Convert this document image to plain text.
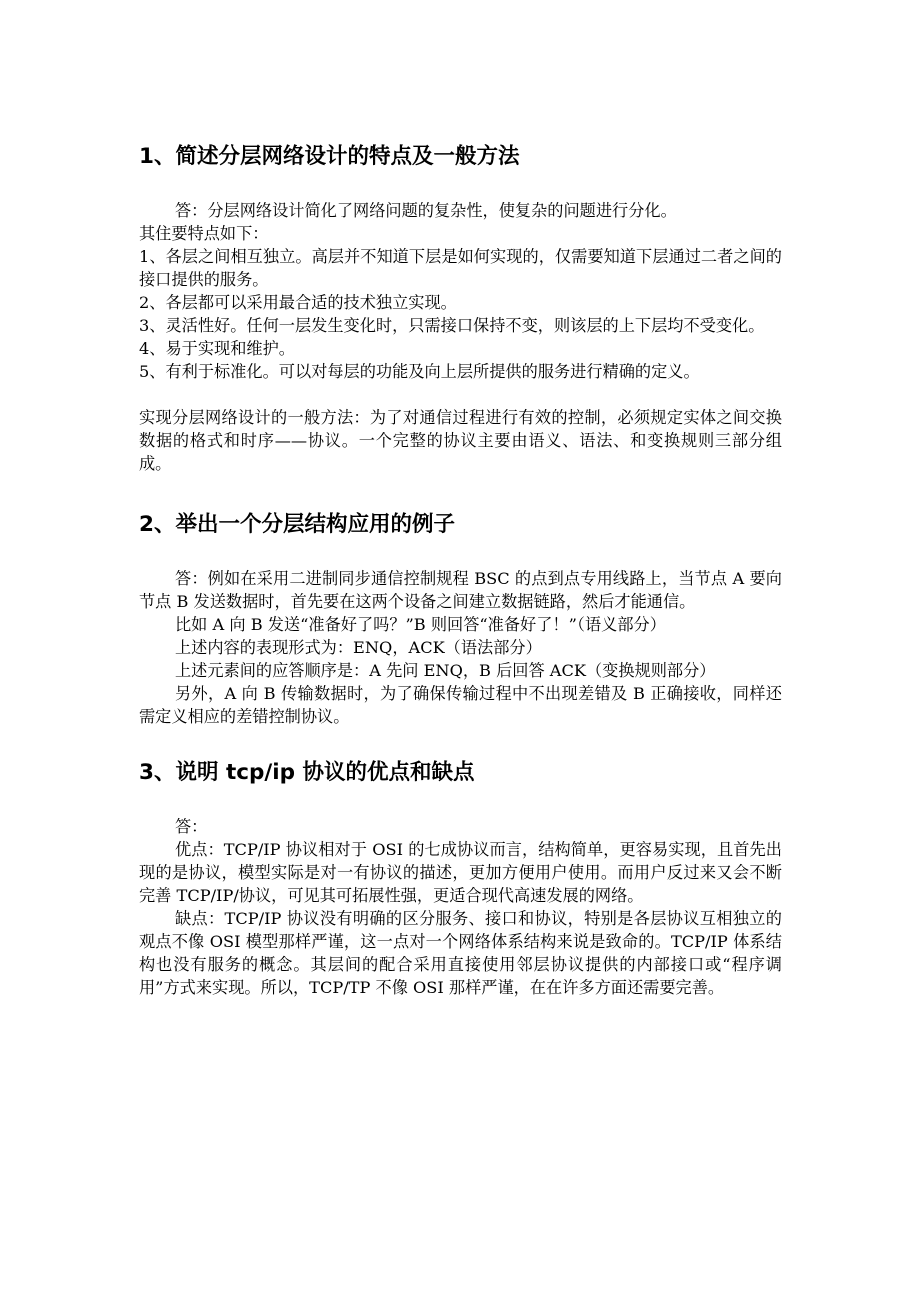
1、简述分层网络设计的特点及一般方法

答：分层网络设计简化了网络问题的复杂性，使复杂的问题进行分化。

其住要特点如下：

1、各层之间相互独立。高层并不知道下层是如何实现的，仅需要知道下层通过二者之间的接口提供的服务。

2、各层都可以采用最合适的技术独立实现。

3、灵活性好。任何一层发生变化时，只需接口保持不变，则该层的上下层均不受变化。

4、易于实现和维护。

5、有利于标准化。可以对每层的功能及向上层所提供的服务进行精确的定义。

实现分层网络设计的一般方法：为了对通信过程进行有效的控制，必须规定实体之间交换数据的格式和时序——协议。一个完整的协议主要由语义、语法、和变换规则三部分组成。

2、举出一个分层结构应用的例子

答：例如在采用二进制同步通信控制规程 BSC 的点到点专用线路上，当节点 A 要向节点 B 发送数据时，首先要在这两个设备之间建立数据链路，然后才能通信。

比如 A 向 B 发送“准备好了吗？”B 则回答“准备好了！”（语义部分）

上述内容的表现形式为：ENQ，ACK（语法部分）

上述元素间的应答顺序是：A 先问 ENQ，B 后回答 ACK（变换规则部分）

另外，A 向 B 传输数据时，为了确保传输过程中不出现差错及 B 正确接收，同样还需定义相应的差错控制协议。

3、说明 tcp/ip 协议的优点和缺点

答：

优点：TCP/IP 协议相对于 OSI 的七成协议而言，结构简单，更容易实现，且首先出现的是协议，模型实际是对一有协议的描述，更加方便用户使用。而用户反过来又会不断完善 TCP/IP/协议，可见其可拓展性强，更适合现代高速发展的网络。

缺点：TCP/IP 协议没有明确的区分服务、接口和协议，特别是各层协议互相独立的观点不像 OSI 模型那样严谨，这一点对一个网络体系结构来说是致命的。TCP/IP 体系结构也没有服务的概念。其层间的配合采用直接使用邻层协议提供的内部接口或“程序调用”方式来实现。所以，TCP/TP 不像 OSI 那样严谨，在在许多方面还需要完善。
